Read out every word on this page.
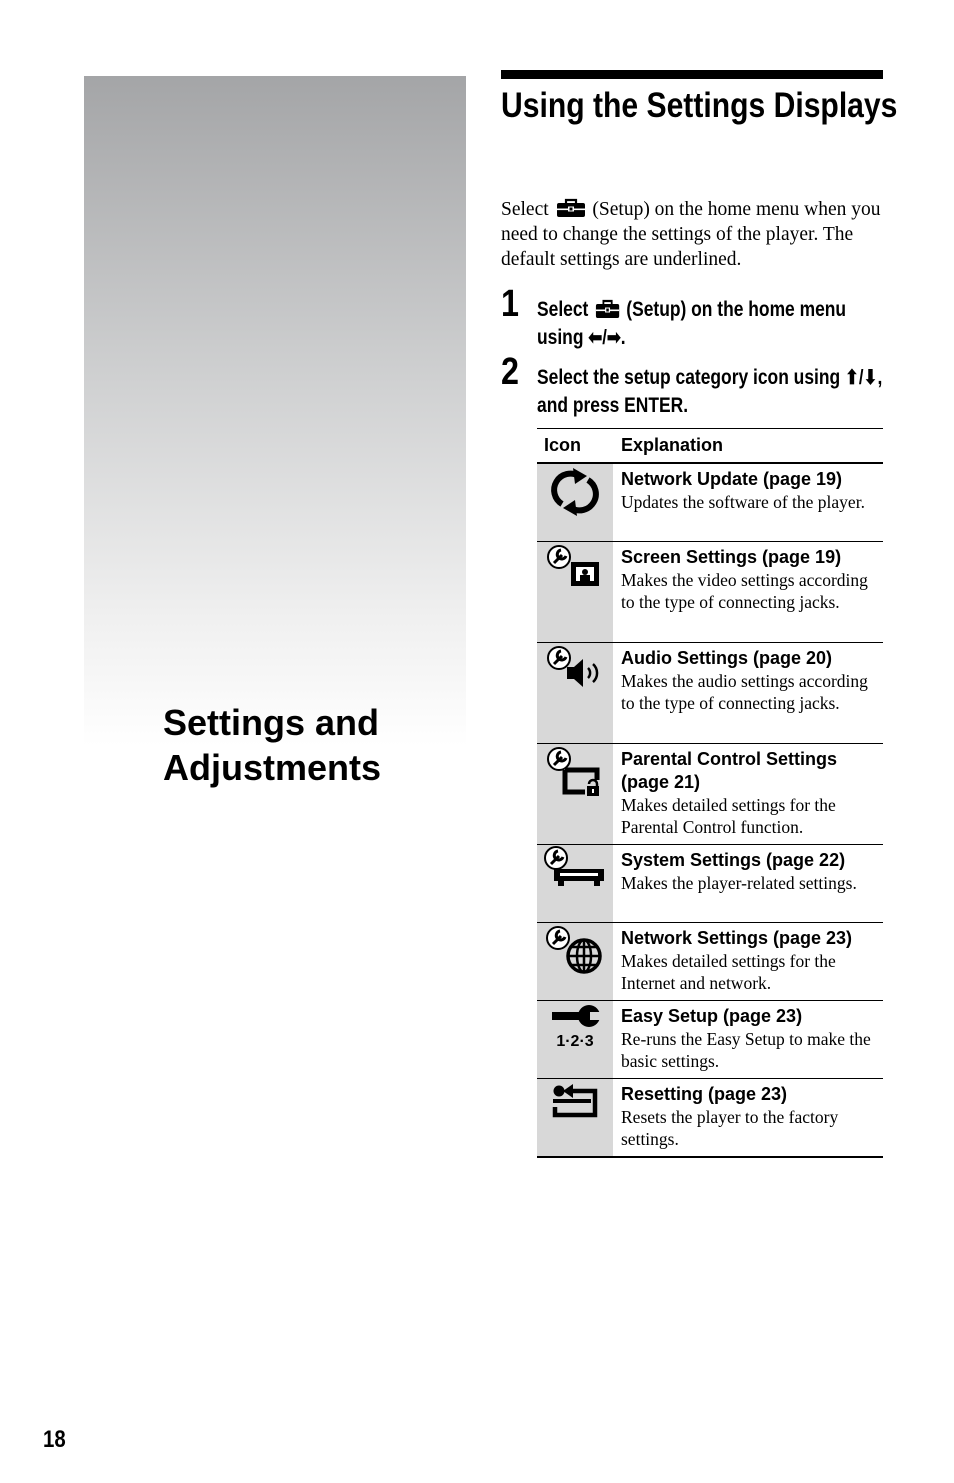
Settings and Adjustments
Using the Settings Displays

Select (Setup) on the home menu when you need to change the settings of the player. The default settings are underlined.

1 Select (Setup) on the home menu using ⬅/➡.

2 Select the setup category icon using ⬆/⬇, and press ENTER.

Icon	Explanation

Network Update (page 19)
Updates the software of the player.

Screen Settings (page 19)
Makes the video settings according to the type of connecting jacks.

Audio Settings (page 20)
Makes the audio settings according to the type of connecting jacks.

Parental Control Settings (page 21)
Makes detailed settings for the Parental Control function.

System Settings (page 22)
Makes the player-related settings.

Network Settings (page 23)
Makes detailed settings for the Internet and network.

1·2·3	Easy Setup (page 23)
Re-runs the Easy Setup to make the basic settings.

Resetting (page 23)
Resets the player to the factory settings.
18
